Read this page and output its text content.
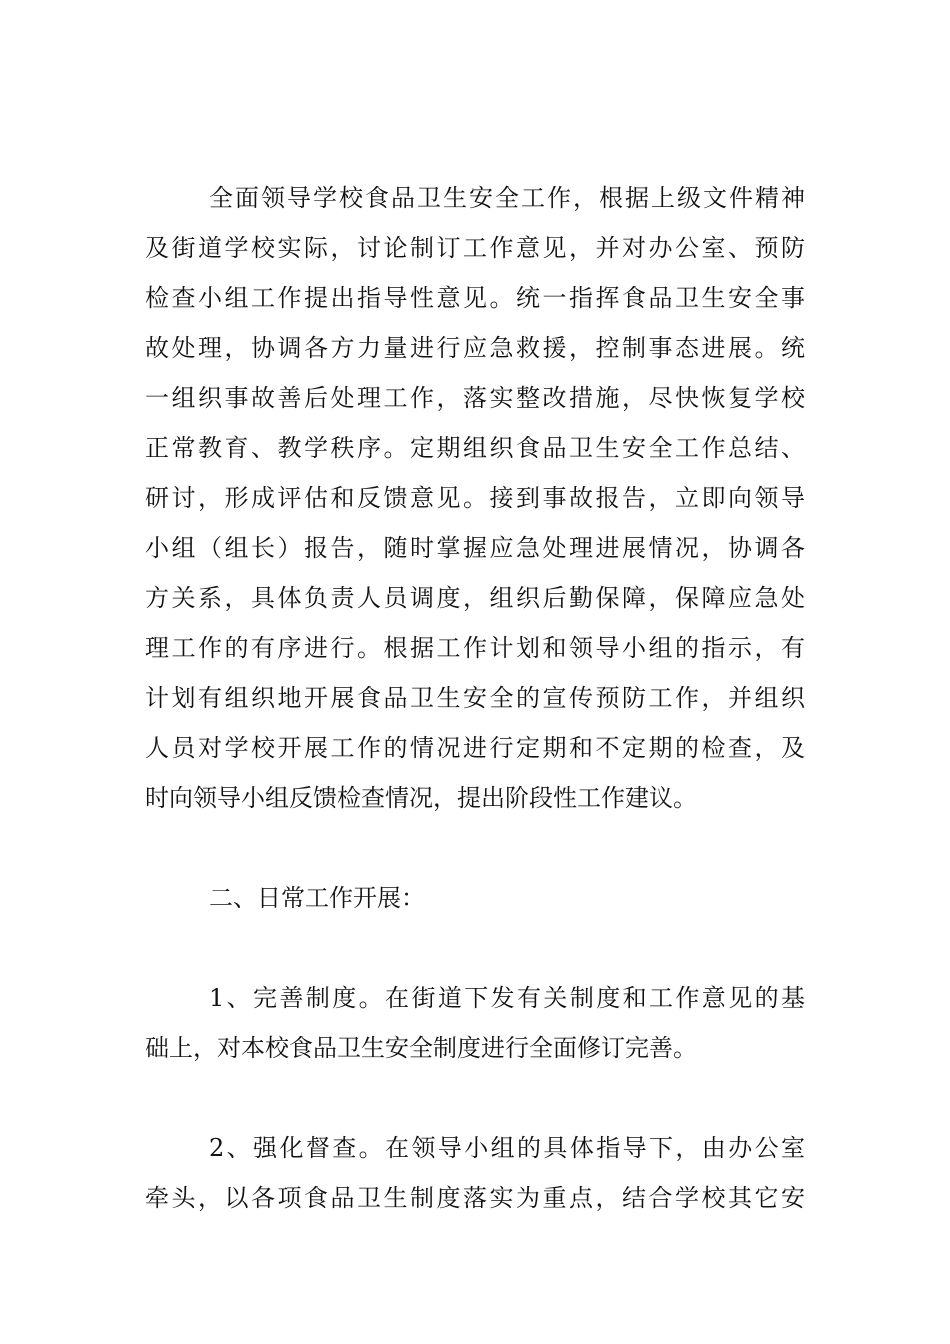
全面领导学校食品卫生安全工作，根据上级文件精神
及街道学校实际，讨论制订工作意见，并对办公室、预防
检查小组工作提出指导性意见。统一指挥食品卫生安全事
故处理，协调各方力量进行应急救援，控制事态进展。统
一组织事故善后处理工作，落实整改措施，尽快恢复学校
正常教育、教学秩序。定期组织食品卫生安全工作总结、
研讨，形成评估和反馈意见。接到事故报告，立即向领导
小组（组长）报告，随时掌握应急处理进展情况，协调各
方关系，具体负责人员调度，组织后勤保障，保障应急处
理工作的有序进行。根据工作计划和领导小组的指示，有
计划有组织地开展食品卫生安全的宣传预防工作，并组织
人员对学校开展工作的情况进行定期和不定期的检查，及
时向领导小组反馈检查情况，提出阶段性工作建议。
二、日常工作开展：
1、完善制度。在街道下发有关制度和工作意见的基
础上，对本校食品卫生安全制度进行全面修订完善。
2、强化督查。在领导小组的具体指导下，由办公室
牵头，以各项食品卫生制度落实为重点，结合学校其它安
